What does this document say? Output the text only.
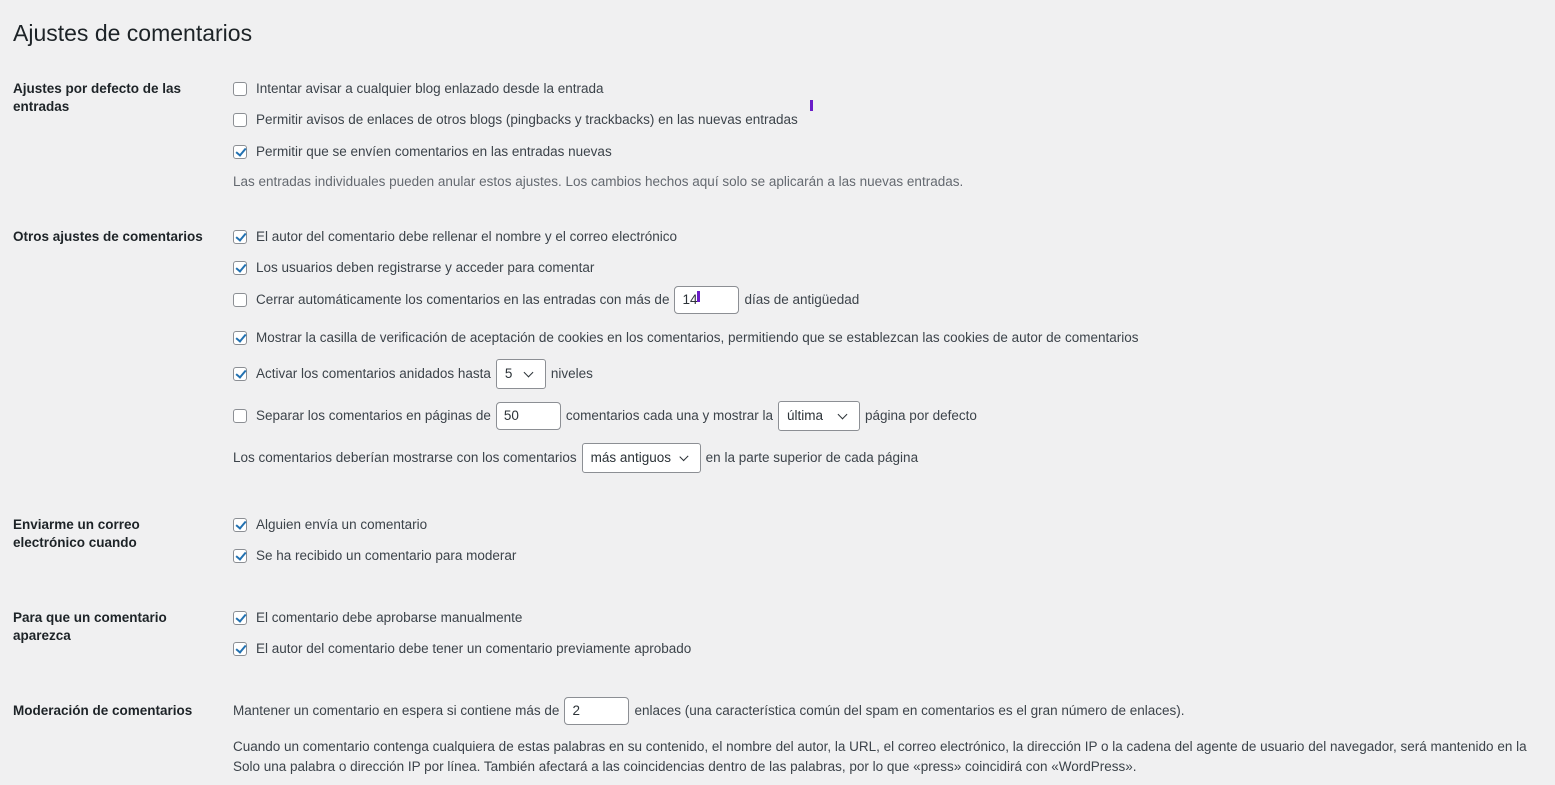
Ajustes de comentarios
Ajustes por defecto de las entradas
Intentar avisar a cualquier blog enlazado desde la entrada
Permitir avisos de enlaces de otros blogs (pingbacks y trackbacks) en las nuevas entradas
Permitir que se envíen comentarios en las entradas nuevas
Las entradas individuales pueden anular estos ajustes. Los cambios hechos aquí solo se aplicarán a las nuevas entradas.
Otros ajustes de comentarios	El autor del comentario debe rellenar el nombre y el correo electrónico
Los usuarios deben registrarse y acceder para comentar
Cerrar automáticamente los comentarios en las entradas con más de 14	días de antigüedad
Mostrar la casilla de verificación de aceptación de cookies en los comentarios, permitiendo que se establezcan las cookies de autor de comentarios
Activar los comentarios anidados hasta 5	niveles
Separar los comentarios en páginas de 50	comentarios cada una y mostrar la última	página por defecto
Los comentarios deberían mostrarse con los comentarios más antiguos	en la parte superior de cada página
Enviarme un correo electrónico cuando
Alguien envía un comentario
Se ha recibido un comentario para moderar
Para que un comentario aparezca
El comentario debe aprobarse manualmente
El autor del comentario debe tener un comentario previamente aprobado
Moderación de comentarios	Mantener un comentario en espera si contiene más de 2	enlaces (una característica común del spam en comentarios es el gran número de enlaces).
Cuando un comentario contenga cualquiera de estas palabras en su contenido, el nombre del autor, la URL, el correo electrónico, la dirección IP o la cadena del agente de usuario del navegador, será mantenido en la
Solo una palabra o dirección IP por línea. También afectará a las coincidencias dentro de las palabras, por lo que «press» coincidirá con «WordPress».
